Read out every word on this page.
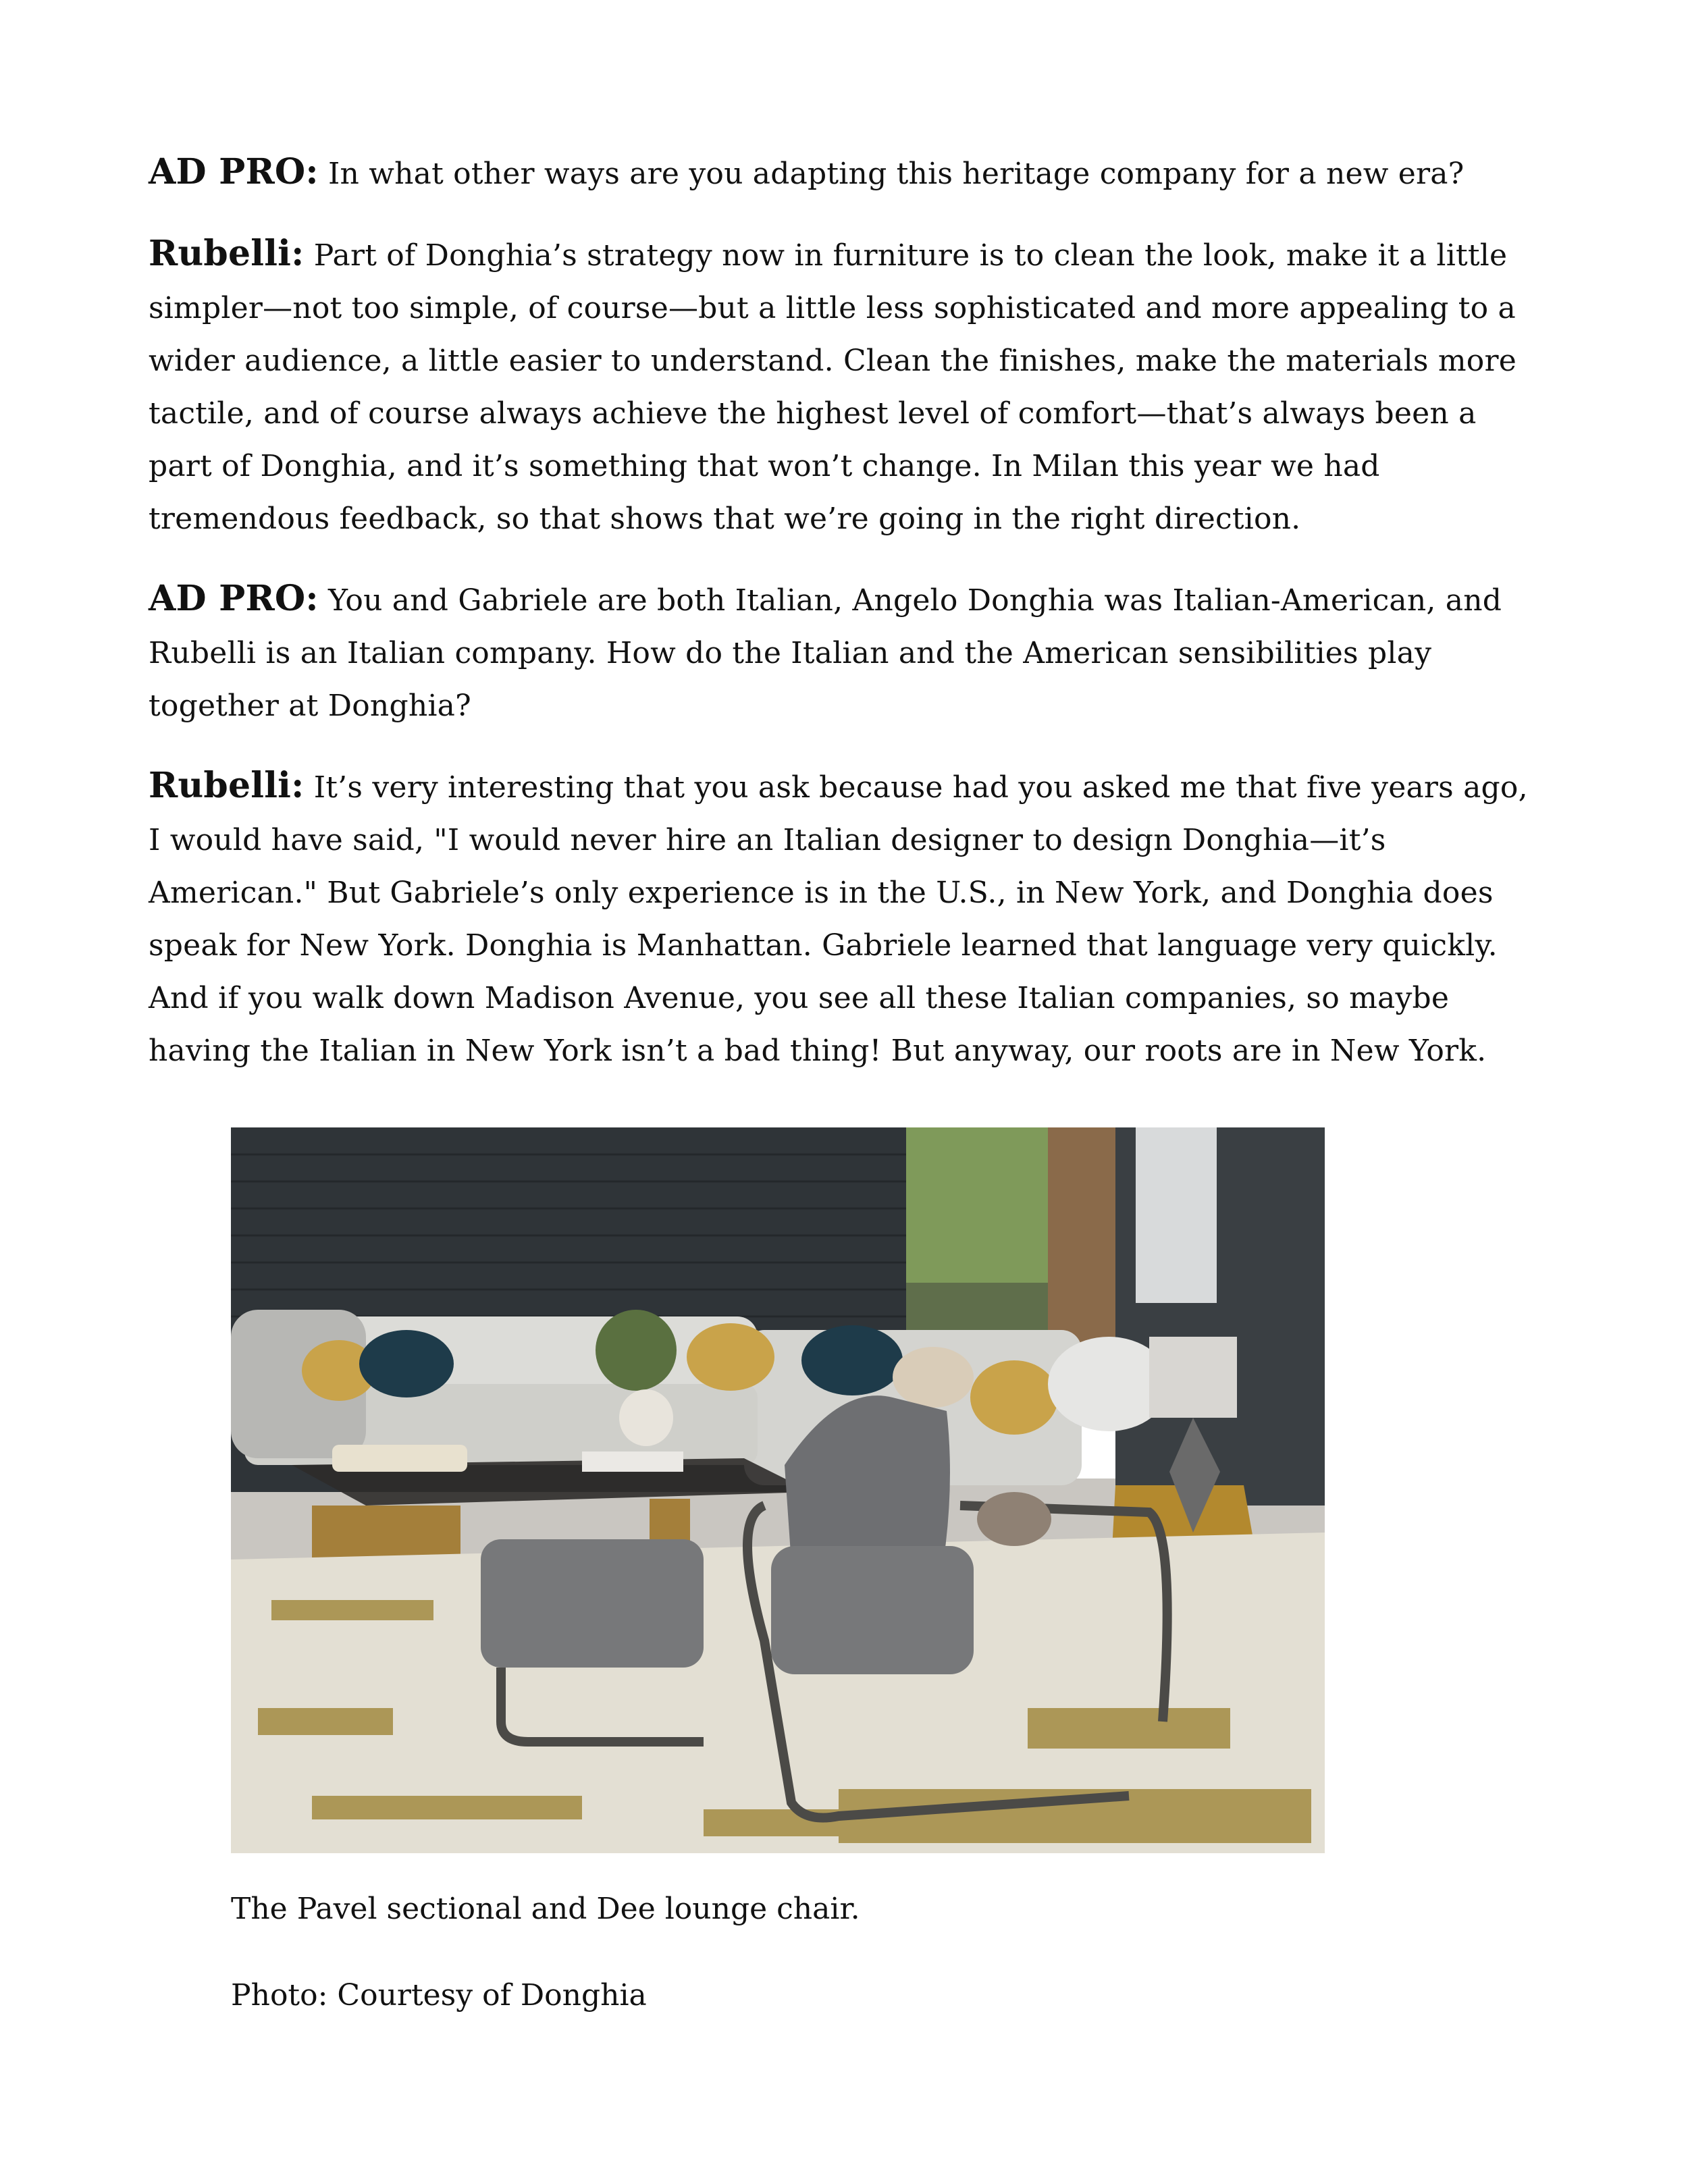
AD PRO: In what other ways are you adapting this heritage company for a new era?

Rubelli: Part of Donghia’s strategy now in furniture is to clean the look, make it a little simpler—not too simple, of course—but a little less sophisticated and more appealing to a wider audience, a little easier to understand. Clean the finishes, make the materials more tactile, and of course always achieve the highest level of comfort—that’s always been a part of Donghia, and it’s something that won’t change. In Milan this year we had tremendous feedback, so that shows that we’re going in the right direction.

AD PRO: You and Gabriele are both Italian, Angelo Donghia was Italian-American, and Rubelli is an Italian company. How do the Italian and the American sensibilities play together at Donghia?

Rubelli: It’s very interesting that you ask because had you asked me that five years ago, I would have said, "I would never hire an Italian designer to design Donghia—it’s American." But Gabriele’s only experience is in the U.S., in New York, and Donghia does speak for New York. Donghia is Manhattan. Gabriele learned that language very quickly. And if you walk down Madison Avenue, you see all these Italian companies, so maybe having the Italian in New York isn’t a bad thing! But anyway, our roots are in New York.

The Pavel sectional and Dee lounge chair.
Photo: Courtesy of Donghia
